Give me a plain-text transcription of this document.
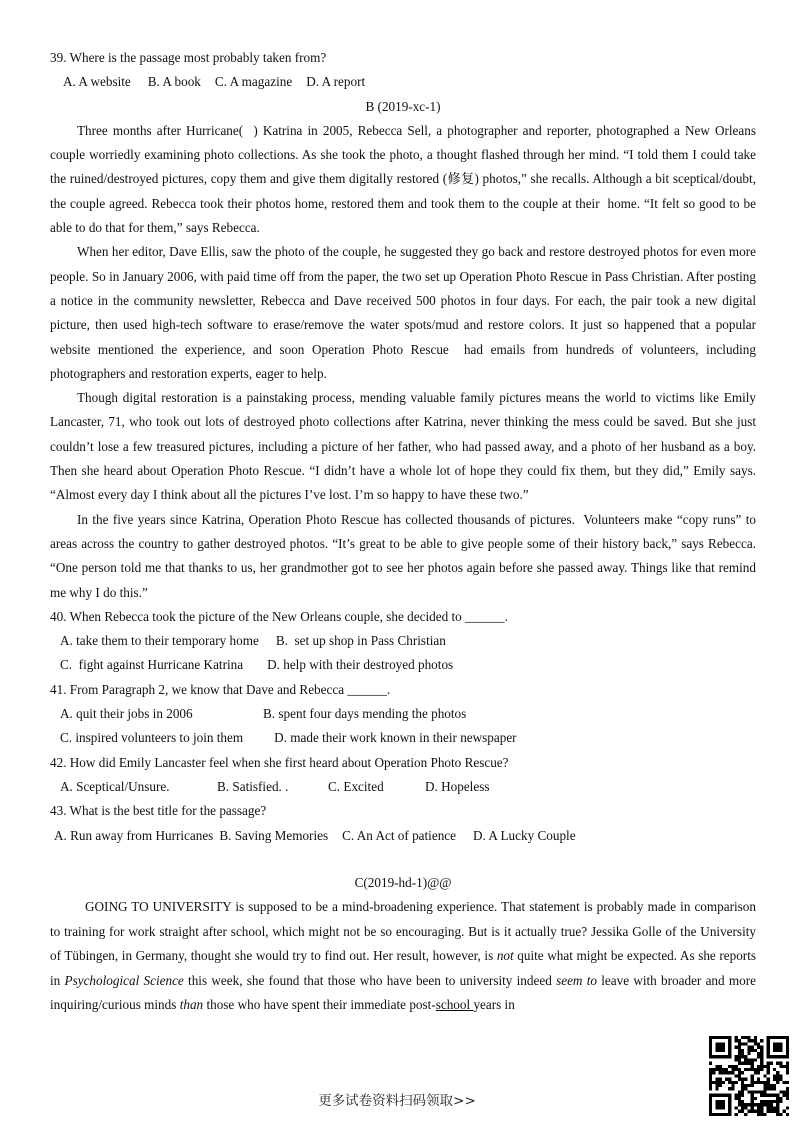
39. Where is the passage most probably taken from?
A. A website B. A book C. A magazine D. A report
B (2019-xc-1)

Three months after Hurricane(  ) Katrina in 2005, Rebecca Sell, a photographer and reporter, photographed a New Orleans couple worriedly examining photo collections. As she took the photo, a thought flashed through her mind. “I told them I could take the ruined/destroyed pictures, copy them and give them digitally restored (修复) photos,” she recalls. Although a bit sceptical/doubt, the couple agreed. Rebecca took their photos home, restored them and took them to the couple at their  home. “It felt so good to be able to do that for them,” says Rebecca.

When her editor, Dave Ellis, saw the photo of the couple, he suggested they go back and restore destroyed photos for even more people. So in January 2006, with paid time off from the paper, the two set up Operation Photo Rescue in Pass Christian. After posting a notice in the community newsletter, Rebecca and Dave received 500 photos in four days. For each, the pair took a new digital picture, then used high-tech software to erase/remove the water spots/mud and restore colors. It just so happened that a popular website mentioned the experience, and soon Operation Photo Rescue  had emails from hundreds of volunteers, including photographers and restoration experts, eager to help.

Though digital restoration is a painstaking process, mending valuable family pictures means the world to victims like Emily Lancaster, 71, who took out lots of destroyed photo collections after Katrina, never thinking the mess could be saved. But she just couldn’t lose a few treasured pictures, including a picture of her father, who had passed away, and a photo of her husband as a boy. Then she heard about Operation Photo Rescue. “I didn’t have a whole lot of hope they could fix them, but they did,” Emily says. “Almost every day I think about all the pictures I’ve lost. I’m so happy to have these two.”

In the five years since Katrina, Operation Photo Rescue has collected thousands of pictures.  Volunteers make “copy runs” to areas across the country to gather destroyed photos. “It’s great to be able to give people some of their history back,” says Rebecca. “One person told me that thanks to us, her grandmother got to see her photos again before she passed away. Things like that remind me why I do this.”

40. When Rebecca took the picture of the New Orleans couple, she decided to ______.
A. take them to their temporary home B.  set up shop in Pass Christian
C.  fight against Hurricane Katrina D. help with their destroyed photos
41. From Paragraph 2, we know that Dave and Rebecca ______.
A. quit their jobs in 2006	B. spent four days mending the photos
C. inspired volunteers to join them D. made their work known in their newspaper
42. How did Emily Lancaster feel when she first heard about Operation Photo Rescue?
A. Sceptical/Unsure.	B. Satisfied. .	C. Excited	D. Hopeless
43. What is the best title for the passage?
A. Run away from Hurricanes B. Saving Memories C. An Act of patience D. A Lucky Couple
C(2019-hd-1)@@

GOING TO UNIVERSITY is supposed to be a mind-broadening experience. That statement is probably made in comparison to training for work straight after school, which might not be so encouraging. But is it actually true? Jessika Golle of the University of Tübingen, in Germany, thought she would try to find out. Her result, however, is not quite what might be expected. As she reports in Psychological Science this week, she found that those who have been to university indeed seem to leave with broader and more inquiring/curious minds than those who have spent their immediate post-school years in

更多试卷资料扫码领取>>
